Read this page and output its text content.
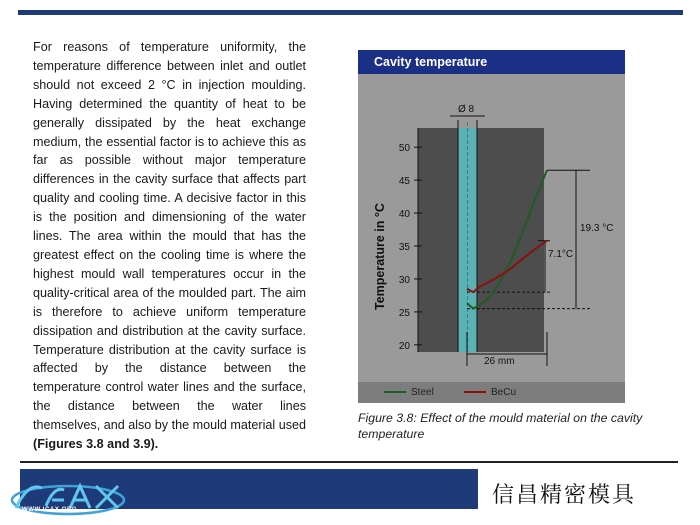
For reasons of temperature uniformity, the temperature difference between inlet and outlet should not exceed 2 °C in injection moulding. Having determined the quantity of heat to be generally dissipated by the heat exchange medium, the essential factor is to achieve this as far as possible without major temperature differences in the cavity surface that affects part quality and cooling time. A decisive factor in this is the position and dimensioning of the water lines. The area within the mould that has the greatest effect on the cooling time is where the highest mould wall temperatures occur in the quality-critical area of the moulded part. The aim is therefore to achieve uniform temperature dissipation and distribution at the cavity surface. Temperature distribution at the cavity surface is affected by the distance between the temperature control water lines and the surface, the distance between the water lines themselves, and also by the mould material used (Figures 3.8 and 3.9).
Cavity temperature
Ø 8
50
45
40
35
30
25
20
Temperature in °C	19.3 °C
7.1°C
26 mm
Steel	BeCu
Figure 3.8: Effect of the mould material on the cavity temperature
WWW.ICAX.ORG
信昌精密模具
